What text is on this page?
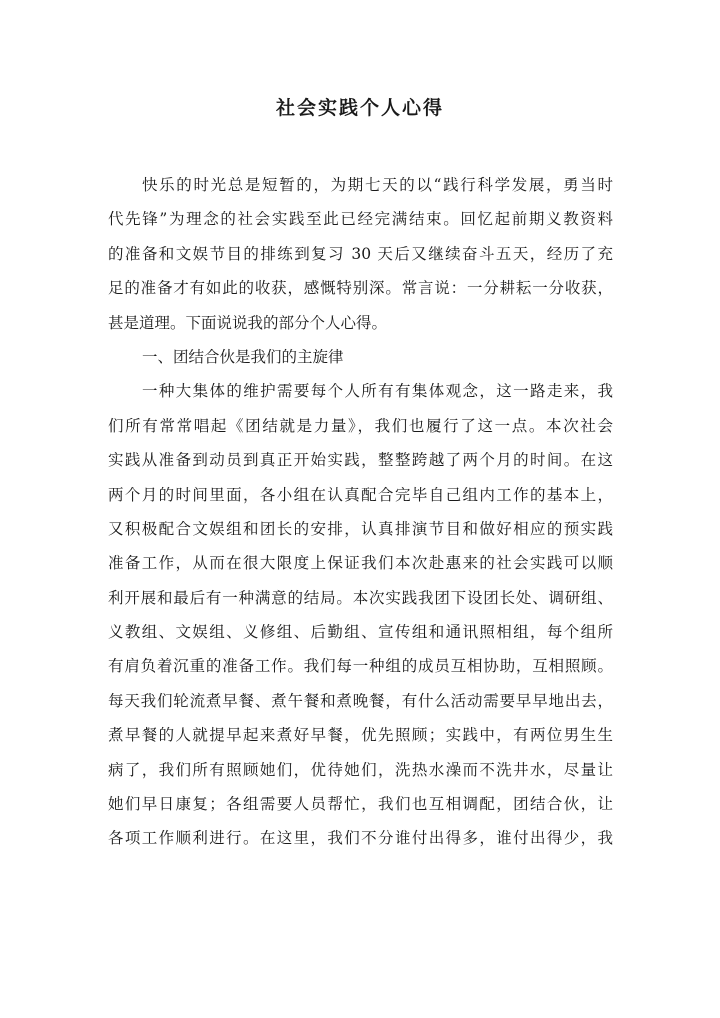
社会实践个人心得
快乐的时光总是短暂的，为期七天的以“践行科学发展，勇当时
代先锋”为理念的社会实践至此已经完满结束。回忆起前期义教资料
的准备和文娱节目的排练到复习 30 天后又继续奋斗五天，经历了充
足的准备才有如此的收获，感慨特别深。常言说：一分耕耘一分收获，
甚是道理。下面说说我的部分个人心得。
一、团结合伙是我们的主旋律
一种大集体的维护需要每个人所有有集体观念，这一路走来，我
们所有常常唱起《团结就是力量》，我们也履行了这一点。本次社会
实践从准备到动员到真正开始实践，整整跨越了两个月的时间。在这
两个月的时间里面，各小组在认真配合完毕自己组内工作的基本上，
又积极配合文娱组和团长的安排，认真排演节目和做好相应的预实践
准备工作，从而在很大限度上保证我们本次赴惠来的社会实践可以顺
利开展和最后有一种满意的结局。本次实践我团下设团长处、调研组、
义教组、文娱组、义修组、后勤组、宣传组和通讯照相组，每个组所
有肩负着沉重的准备工作。我们每一种组的成员互相协助，互相照顾。
每天我们轮流煮早餐、煮午餐和煮晚餐，有什么活动需要早早地出去，
煮早餐的人就提早起来煮好早餐，优先照顾；实践中，有两位男生生
病了，我们所有照顾她们，优待她们，洗热水澡而不洗井水，尽量让
她们早日康复；各组需要人员帮忙，我们也互相调配，团结合伙，让
各项工作顺利进行。在这里，我们不分谁付出得多，谁付出得少，我
